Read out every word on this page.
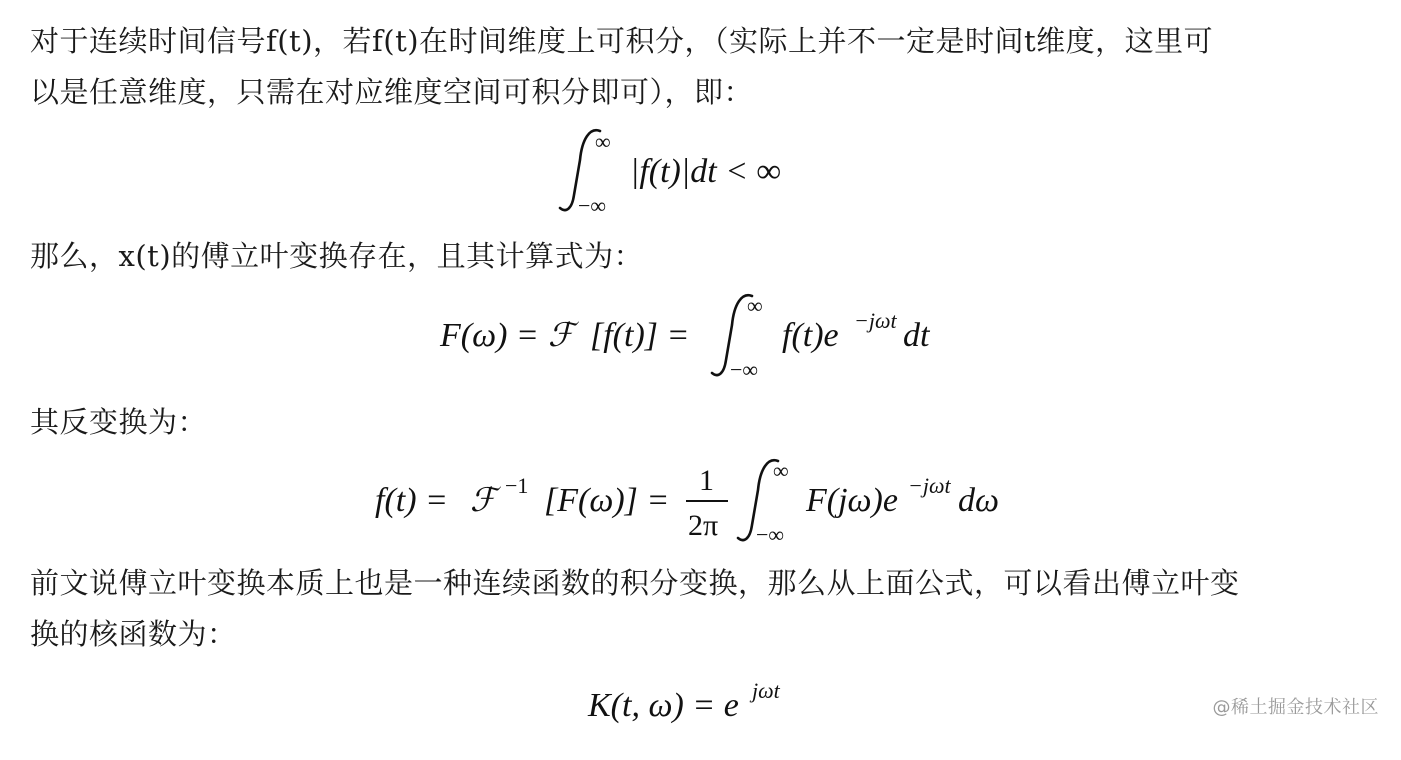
对于连续时间信号f(t)，若f(t)在时间维度上可积分，（实际上并不一定是时间t维度，这里可
以是任意维度，只需在对应维度空间可积分即可），即：
∞
−∞
|f(t)|dt < ∞
那么，x(t)的傅立叶变换存在，且其计算式为：
F(ω) = ℱ [f(t)] =
∞
−∞
f(t)e −jωt dt
其反变换为：
f(t) = ℱ −1 [F(ω)] =
1
2π
∞
−∞
F(jω)e −jωt dω
前文说傅立叶变换本质上也是一种连续函数的积分变换，那么从上面公式，可以看出傅立叶变
换的核函数为：
K(t, ω) = e jωt
@稀土掘金技术社区
